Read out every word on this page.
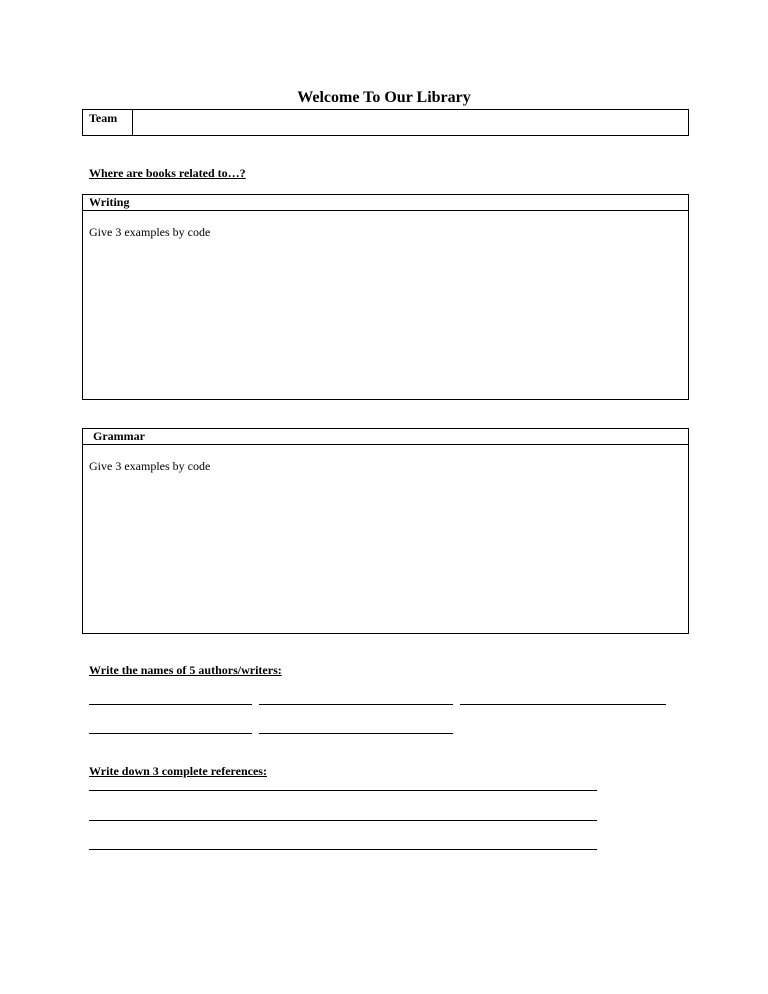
Welcome To Our Library
Team
Where are books related to…?
Writing
Give 3 examples by code
Grammar
Give 3 examples by code
Write the names of 5 authors/writers:
Write down 3 complete references:
